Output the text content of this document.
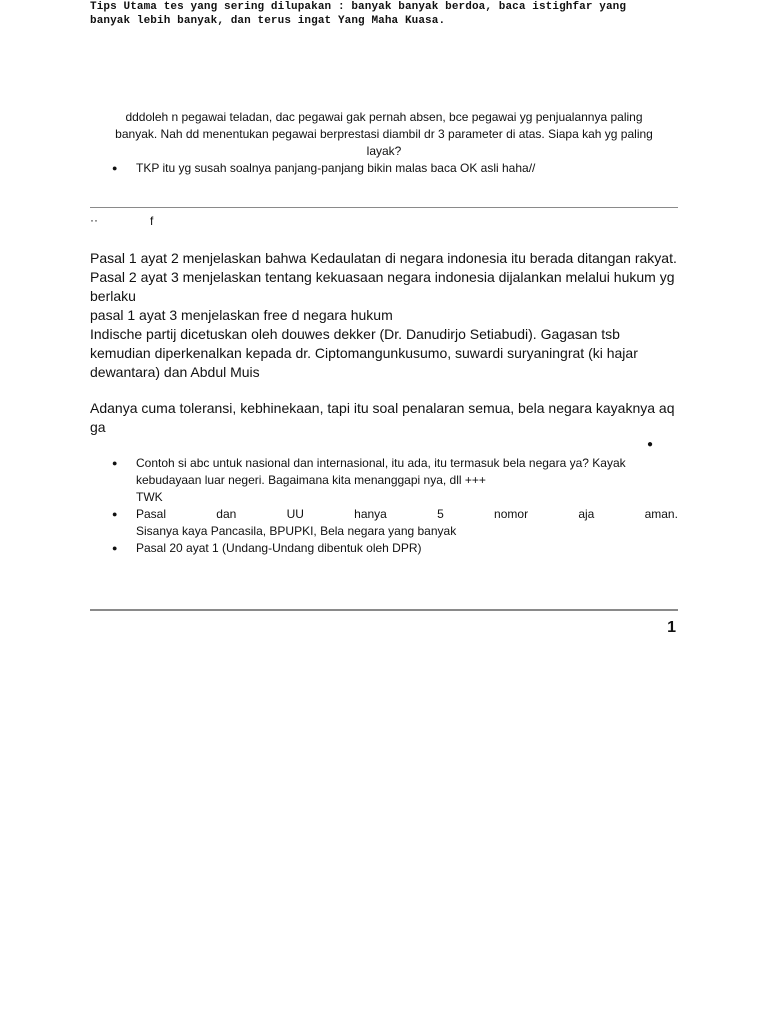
Tips Utama tes yang sering dilupakan : banyak banyak berdoa, baca istighfar yang
banyak lebih banyak, dan terus ingat Yang Maha Kuasa.
dddoleh n pegawai teladan, dac pegawai gak pernah absen, bce pegawai yg penjualannya paling
banyak. Nah dd menentukan pegawai berprestasi diambil dr 3 parameter di atas. Siapa kah yg paling
layak?
● TKP itu yg susah soalnya panjang-panjang bikin malas baca OK asli haha//
··	f
Pasal 1 ayat 2 menjelaskan bahwa Kedaulatan di negara indonesia itu berada ditangan rakyat.
Pasal 2 ayat 3 menjelaskan tentang kekuasaan negara indonesia dijalankan melalui hukum yg
berlaku
pasal 1 ayat 3 menjelaskan free d negara hukum
Indische partij dicetuskan oleh douwes dekker (Dr. Danudirjo Setiabudi). Gagasan tsb
kemudian diperkenalkan kepada dr. Ciptomangunkusumo, suwardi suryaningrat (ki hajar
dewantara) dan Abdul Muis
Adanya cuma toleransi, kebhinekaan, tapi itu soal penalaran semua, bela negara kayaknya aq
ga
●
● Contoh si abc untuk nasional dan internasional, itu ada, itu termasuk bela negara ya? Kayak
kebudayaan luar negeri. Bagaimana kita menanggapi nya, dll +++
TWK
● Pasal	dan	UU	hanya	5	nomor	aja	aman.
Sisanya kaya Pancasila, BPUPKI, Bela negara yang banyak
● Pasal 20 ayat 1 (Undang-Undang dibentuk oleh DPR)
1
